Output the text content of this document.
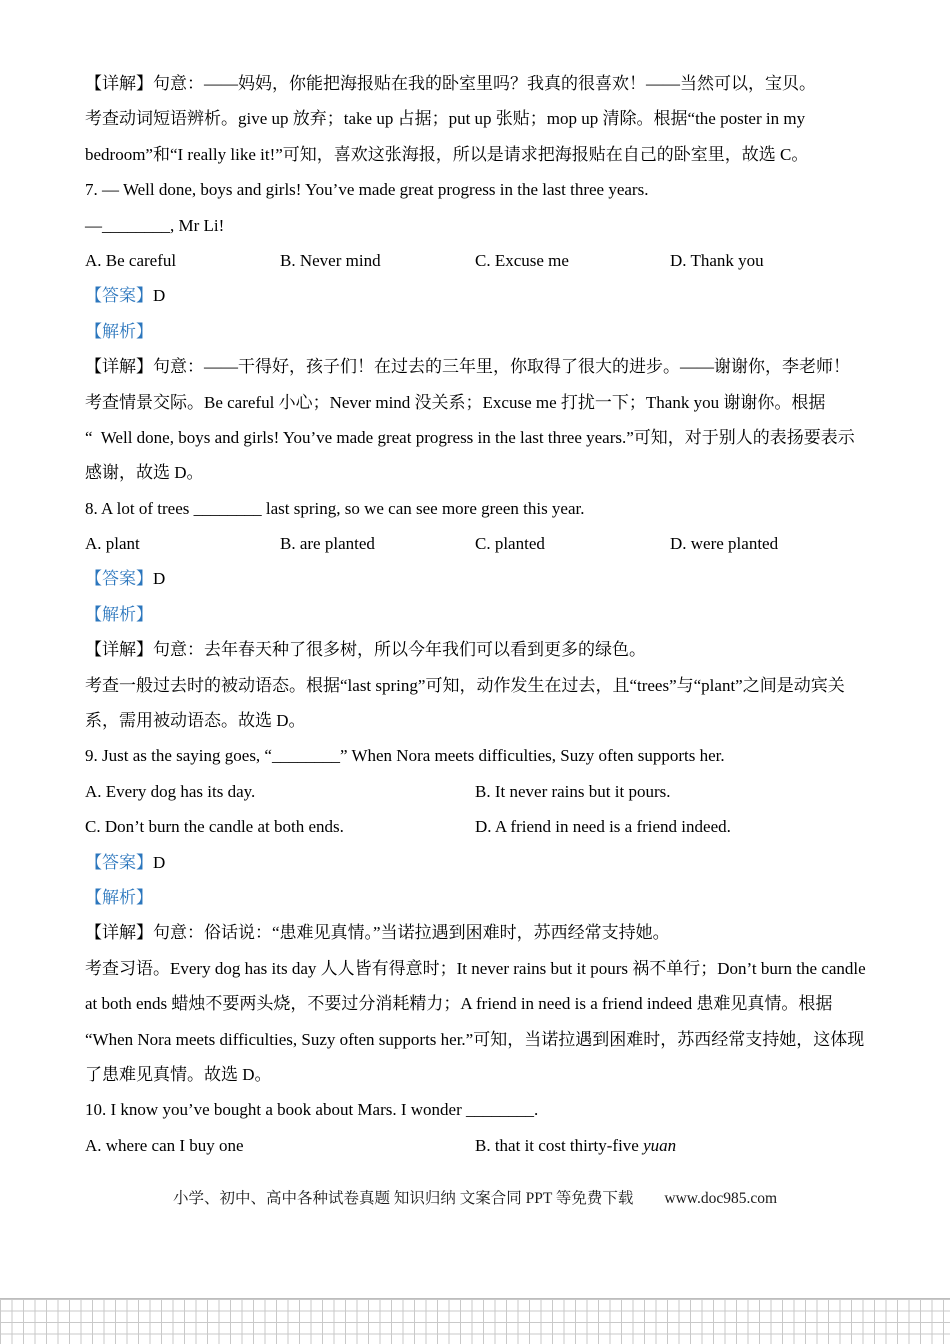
【详解】句意：——妈妈，你能把海报贴在我的卧室里吗？我真的很喜欢！——当然可以，宝贝。
考查动词短语辨析。give up 放弃；take up 占据；put up 张贴；mop up 清除。根据“the poster in my
bedroom”和“I really like it!”可知，喜欢这张海报，所以是请求把海报贴在自己的卧室里，故选 C。
7. — Well done, boys and girls! You’ve made great progress in the last three years.
—________, Mr Li!
A. Be careful	B. Never mind	C. Excuse me	D. Thank you
【答案】D
【解析】
【详解】句意：——干得好，孩子们！在过去的三年里，你取得了很大的进步。——谢谢你，李老师！
考查情景交际。Be careful 小心；Never mind 没关系；Excuse me 打扰一下；Thank you 谢谢你。根据
“  Well done, boys and girls! You’ve made great progress in the last three years.”可知，对于别人的表扬要表示
感谢，故选 D。
8. A lot of trees ________ last spring, so we can see more green this year.
A. plant	B. are planted	C. planted	D. were planted
【答案】D
【解析】
【详解】句意：去年春天种了很多树，所以今年我们可以看到更多的绿色。
考查一般过去时的被动语态。根据“last spring”可知，动作发生在过去，且“trees”与“plant”之间是动宾关
系，需用被动语态。故选 D。
9. Just as the saying goes, “________” When Nora meets difficulties, Suzy often supports her.
A. Every dog has its day.	B. It never rains but it pours.
C. Don’t burn the candle at both ends.	D. A friend in need is a friend indeed.
【答案】D
【解析】
【详解】句意：俗话说：“患难见真情。”当诺拉遇到困难时，苏西经常支持她。
考查习语。Every dog has its day 人人皆有得意时；It never rains but it pours 祸不单行；Don’t burn the candle
at both ends 蜡烛不要两头烧，不要过分消耗精力；A friend in need is a friend indeed 患难见真情。根据
“When Nora meets difficulties, Suzy often supports her.”可知，当诺拉遇到困难时，苏西经常支持她，这体现
了患难见真情。故选 D。
10. I know you’ve bought a book about Mars. I wonder ________.
A. where can I buy one	B. that it cost thirty-five yuan
小学、初中、高中各种试卷真题 知识归纳 文案合同 PPT 等免费下载　　www.doc985.com
